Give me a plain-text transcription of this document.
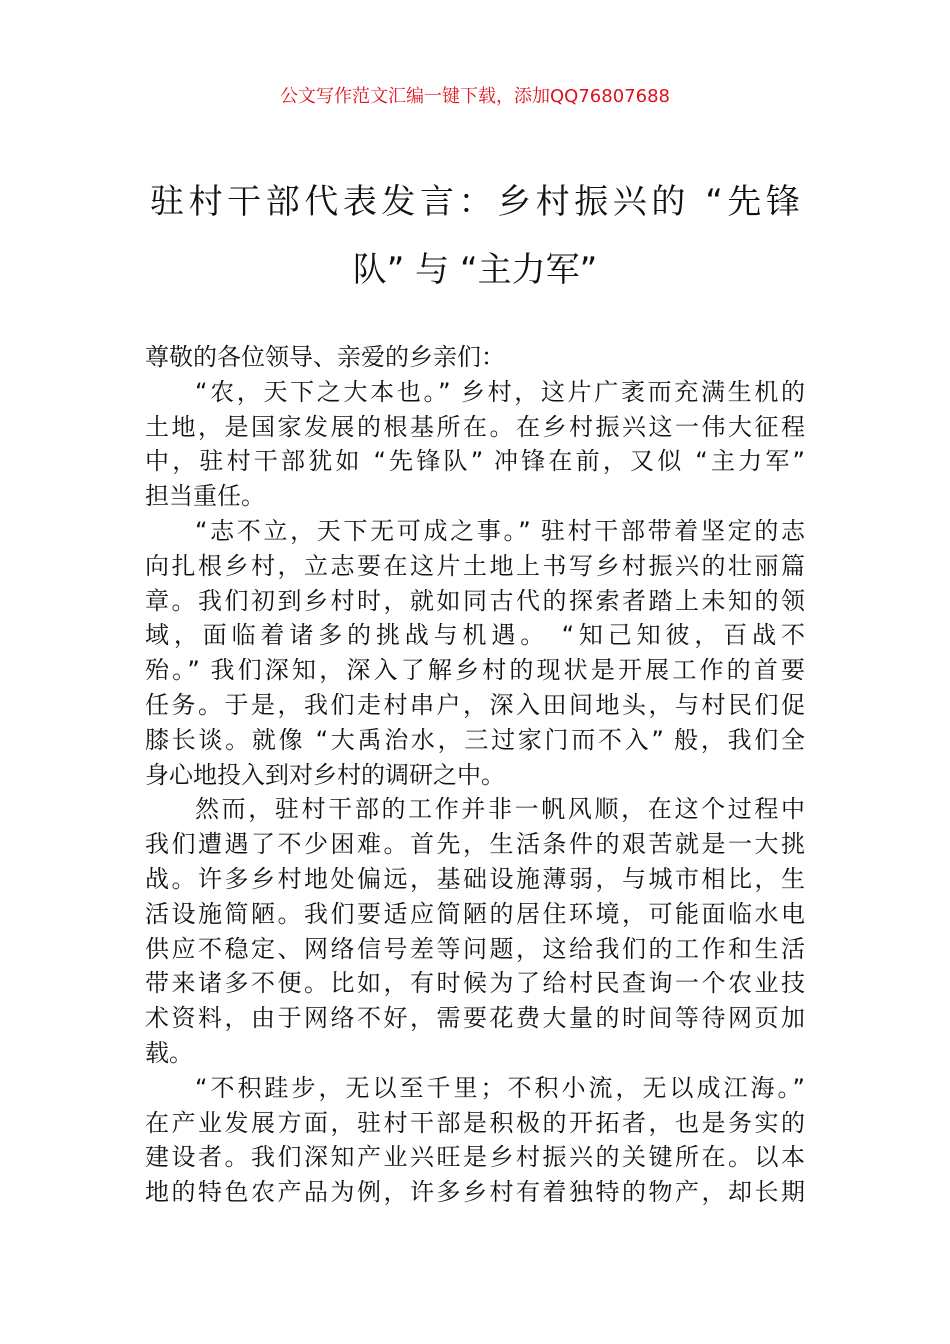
公文写作范文汇编一键下载，添加QQ76807688
驻村干部代表发言：乡村振兴的 “先锋
队” 与 “主力军”
尊敬的各位领导、亲爱的乡亲们：
“农，天下之大本也。” 乡村，这片广袤而充满生机的
土地，是国家发展的根基所在。在乡村振兴这一伟大征程
中，驻村干部犹如 “先锋队” 冲锋在前，又似 “主力军”
担当重任。
“志不立，天下无可成之事。” 驻村干部带着坚定的志
向扎根乡村，立志要在这片土地上书写乡村振兴的壮丽篇
章。我们初到乡村时，就如同古代的探索者踏上未知的领
域，面临着诸多的挑战与机遇。 “知己知彼，百战不
殆。” 我们深知，深入了解乡村的现状是开展工作的首要
任务。于是，我们走村串户，深入田间地头，与村民们促
膝长谈。就像 “大禹治水，三过家门而不入” 般，我们全
身心地投入到对乡村的调研之中。
然而，驻村干部的工作并非一帆风顺，在这个过程中
我们遭遇了不少困难。首先，生活条件的艰苦就是一大挑
战。许多乡村地处偏远，基础设施薄弱，与城市相比，生
活设施简陋。我们要适应简陋的居住环境，可能面临水电
供应不稳定、网络信号差等问题，这给我们的工作和生活
带来诸多不便。比如，有时候为了给村民查询一个农业技
术资料，由于网络不好，需要花费大量的时间等待网页加
载。
“不积跬步，无以至千里；不积小流，无以成江海。”
在产业发展方面，驻村干部是积极的开拓者，也是务实的
建设者。我们深知产业兴旺是乡村振兴的关键所在。以本
地的特色农产品为例，许多乡村有着独特的物产，却长期
